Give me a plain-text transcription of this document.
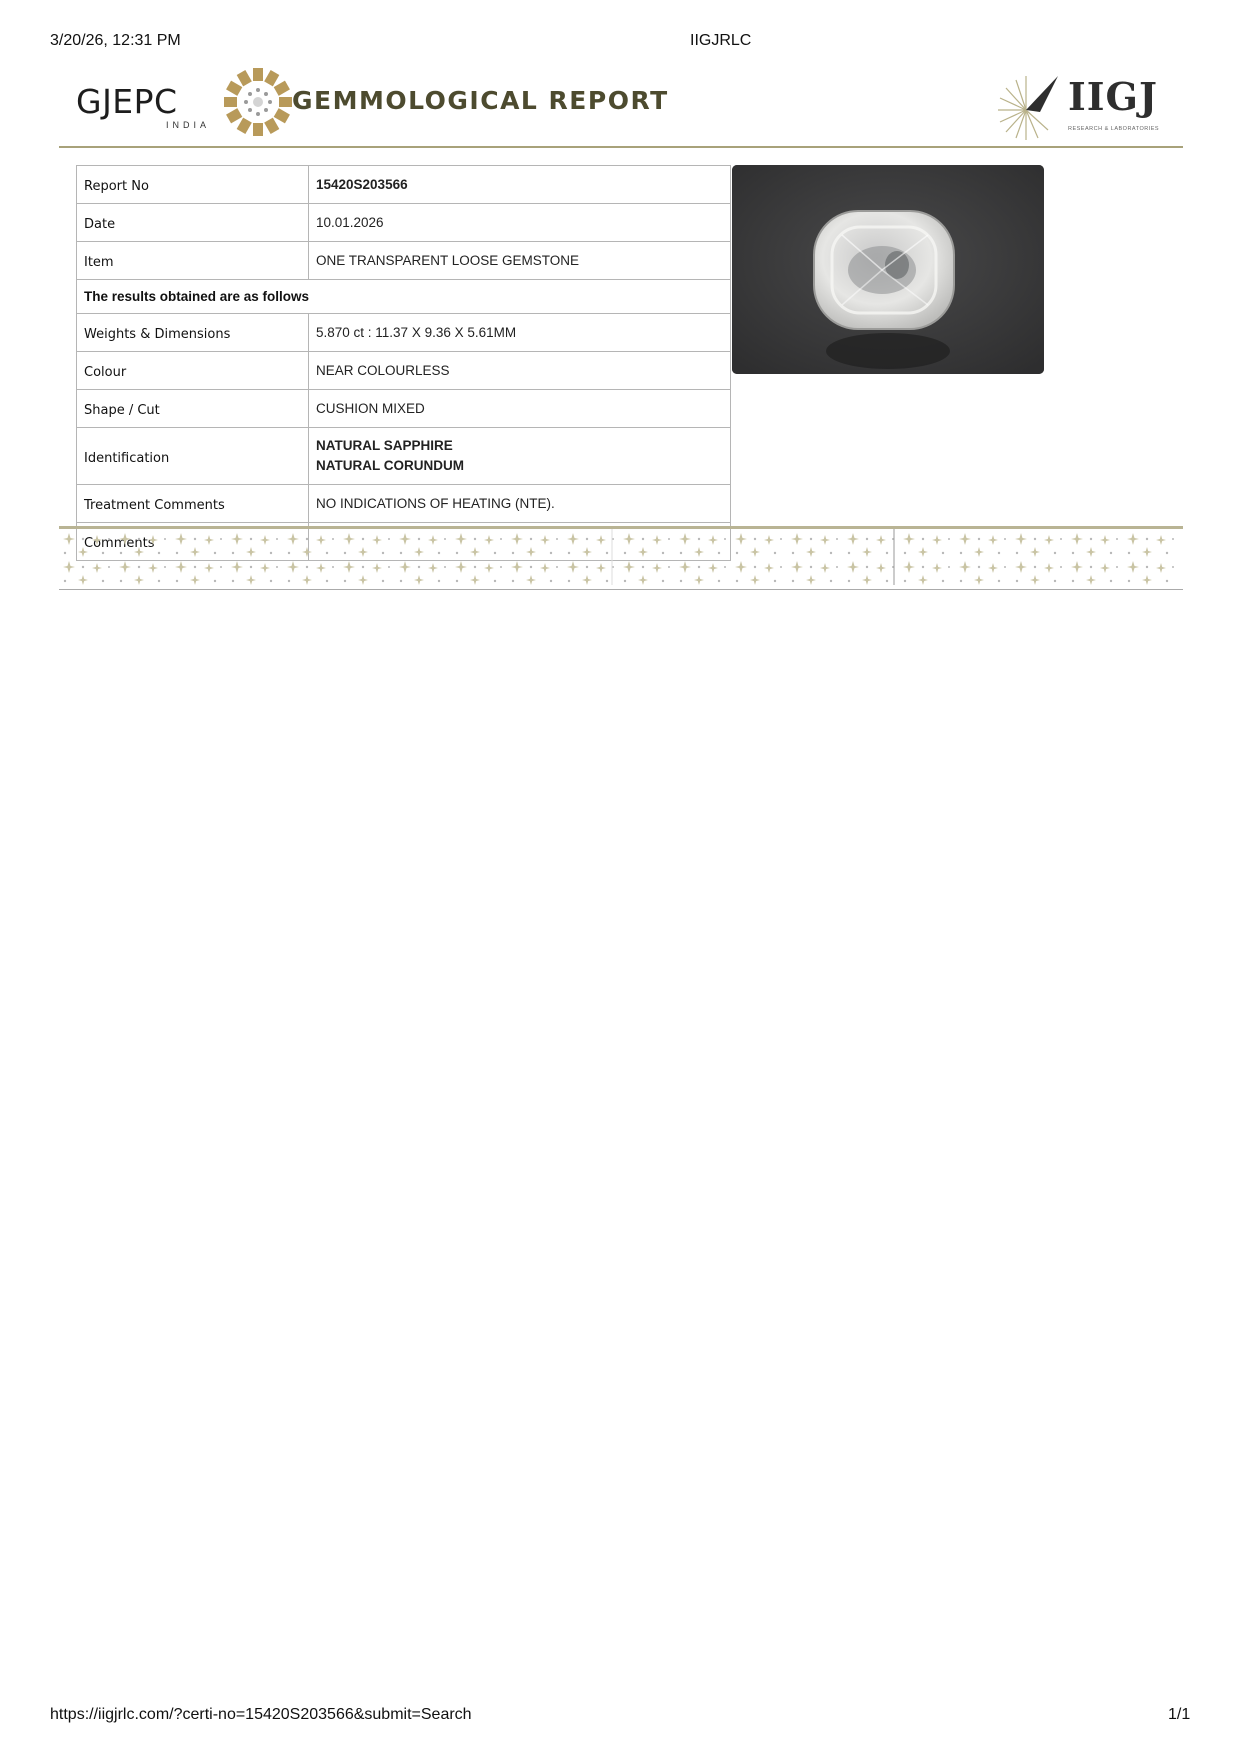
3/20/26, 12:31 PM	IIGJRLC
GJEPC
INDIA
GEMMOLOGICAL REPORT	IIGJ
RESEARCH & LABORATORIES
Report No	15420S203566
Date	10.01.2026
Item	ONE TRANSPARENT LOOSE GEMSTONE
The results obtained are as follows	
Weights & Dimensions	5.870 ct : 11.37 X 9.36 X 5.61MM
Colour	NEAR COLOURLESS
Shape / Cut	CUSHION MIXED
Identification	NATURAL SAPPHIRE
NATURAL CORUNDUM

Treatment Comments	NO INDICATIONS OF HEATING (NTE).

https://iigjrlc.com/?certi-no=15420S203566&submit=Search	1/1
